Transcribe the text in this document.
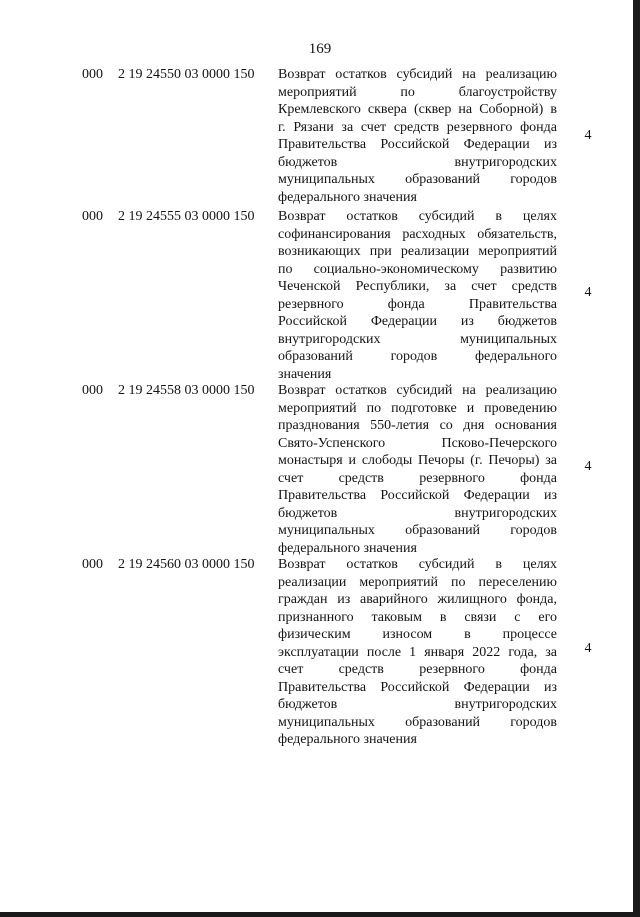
169
000 2 19 24550 03 0000 150 Возврат остатков субсидий на реализацию
мероприятий по благоустройству
Кремлевского сквера (сквер на Соборной) в
г. Рязани за счет средств резервного фонда
Правительства Российской Федерации из
бюджетов внутригородских
муниципальных образований городов
федерального значения
4
000 2 19 24555 03 0000 150 Возврат остатков субсидий в целях
софинансирования расходных обязательств,
возникающих при реализации мероприятий
по социально-экономическому развитию
Чеченской Республики, за счет средств
резервного фонда Правительства
Российской Федерации из бюджетов
внутригородских муниципальных
образований городов федерального
значения
4
000 2 19 24558 03 0000 150 Возврат остатков субсидий на реализацию
мероприятий по подготовке и проведению
празднования 550-летия со дня основания
Свято-Успенского Псково-Печерского
монастыря и слободы Печоры (г. Печоры) за
счет средств резервного фонда
Правительства Российской Федерации из
бюджетов внутригородских
муниципальных образований городов
федерального значения
4
000 2 19 24560 03 0000 150 Возврат остатков субсидий в целях
реализации мероприятий по переселению
граждан из аварийного жилищного фонда,
признанного таковым в связи с его
физическим износом в процессе
эксплуатации после 1 января 2022 года, за
счет средств резервного фонда
Правительства Российской Федерации из
бюджетов внутригородских
муниципальных образований городов
федерального значения
4
